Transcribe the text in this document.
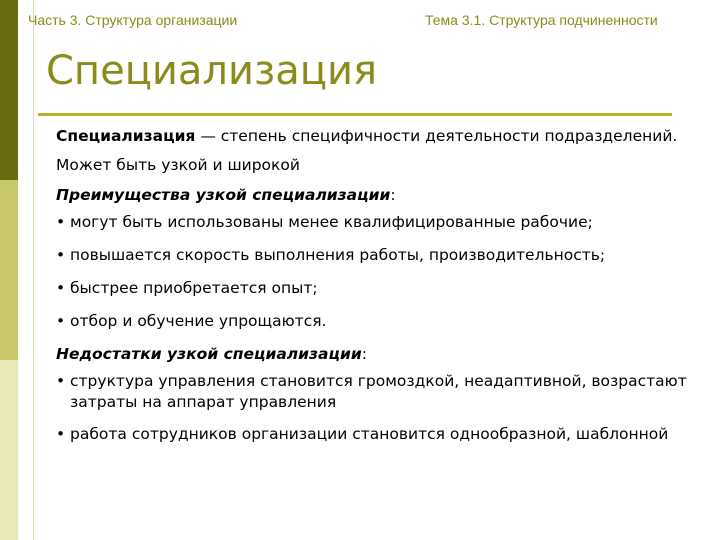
Часть 3. Структура организации	Тема 3.1. Структура подчиненности
Специализация

Специализация — степень специфичности деятельности подразделений.

Может быть узкой и широкой

Преимущества узкой специализации:

• могут быть использованы менее квалифицированные рабочие;
• повышается скорость выполнения работы, производительность;
• быстрее приобретается опыт;
• отбор и обучение упрощаются.

Недостатки узкой специализации:

• структура управления становится громоздкой, неадаптивной, возрастают затраты на аппарат управления
• работа сотрудников организации становится однообразной, шаблонной
